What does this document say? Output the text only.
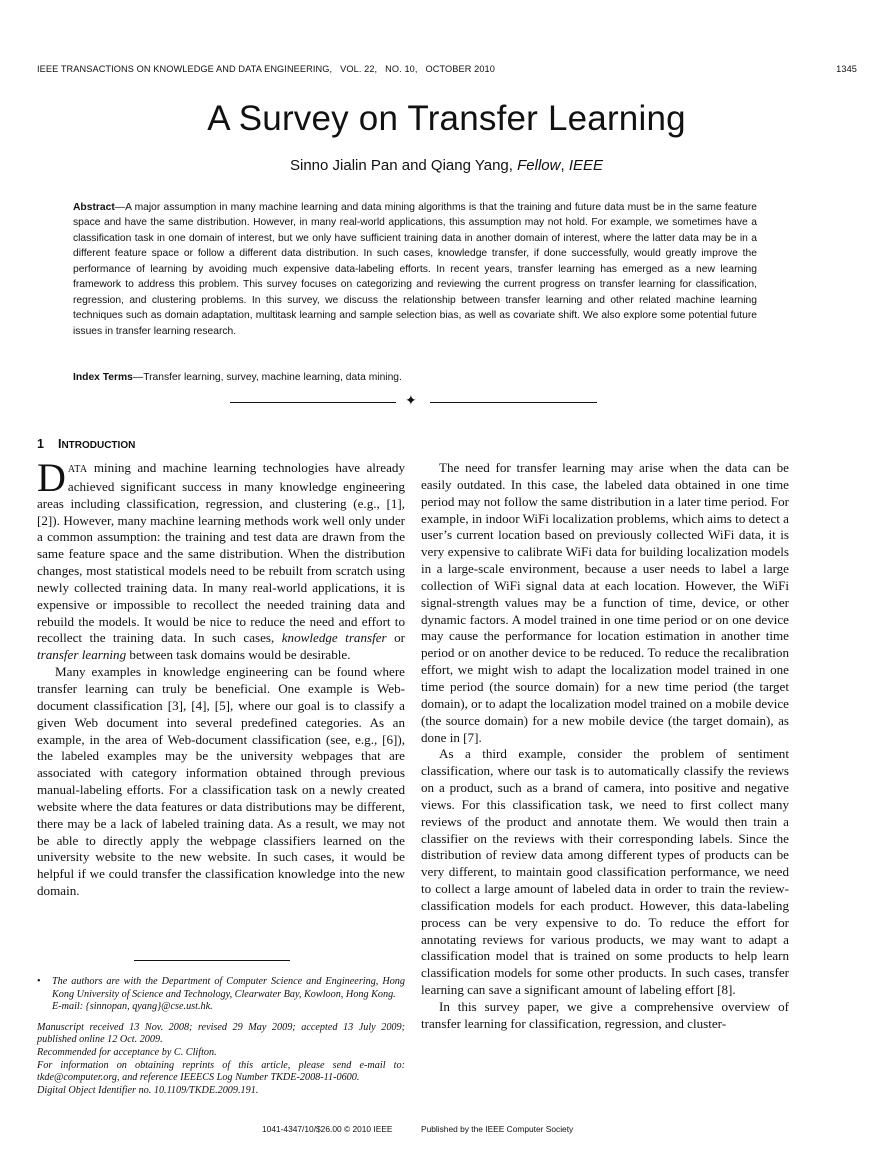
IEEE TRANSACTIONS ON KNOWLEDGE AND DATA ENGINEERING, VOL. 22, NO. 10, OCTOBER 2010	1345
A Survey on Transfer Learning
Sinno Jialin Pan and Qiang Yang, Fellow, IEEE
Abstract—A major assumption in many machine learning and data mining algorithms is that the training and future data must be in the same feature space and have the same distribution. However, in many real-world applications, this assumption may not hold. For example, we sometimes have a classification task in one domain of interest, but we only have sufficient training data in another domain of interest, where the latter data may be in a different feature space or follow a different data distribution. In such cases, knowledge transfer, if done successfully, would greatly improve the performance of learning by avoiding much expensive data-labeling efforts. In recent years, transfer learning has emerged as a new learning framework to address this problem. This survey focuses on categorizing and reviewing the current progress on transfer learning for classification, regression, and clustering problems. In this survey, we discuss the relationship between transfer learning and other related machine learning techniques such as domain adaptation, multitask learning and sample selection bias, as well as covariate shift. We also explore some potential future issues in transfer learning research.
Index Terms—Transfer learning, survey, machine learning, data mining.
✦
1 INTRODUCTION

DATA mining and machine learning technologies have already achieved significant success in many knowledge engineering areas including classification, regression, and clustering (e.g., [1], [2]). However, many machine learning methods work well only under a common assumption: the training and test data are drawn from the same feature space and the same distribution. When the distribution changes, most statistical models need to be rebuilt from scratch using newly collected training data. In many real-world applications, it is expensive or impossible to recollect the needed training data and rebuild the models. It would be nice to reduce the need and effort to recollect the training data. In such cases, knowledge transfer or transfer learning between task domains would be desirable.

Many examples in knowledge engineering can be found where transfer learning can truly be beneficial. One example is Web-document classification [3], [4], [5], where our goal is to classify a given Web document into several predefined categories. As an example, in the area of Web-document classification (see, e.g., [6]), the labeled examples may be the university webpages that are associated with category information obtained through previous manual-labeling efforts. For a classification task on a newly created website where the data features or data distributions may be different, there may be a lack of labeled training data. As a result, we may not be able to directly apply the webpage classifiers learned on the university website to the new website. In such cases, it would be helpful if we could transfer the classification knowledge into the new domain.

The need for transfer learning may arise when the data can be easily outdated. In this case, the labeled data obtained in one time period may not follow the same distribution in a later time period. For example, in indoor WiFi localization problems, which aims to detect a user’s current location based on previously collected WiFi data, it is very expensive to calibrate WiFi data for building localization models in a large-scale environment, because a user needs to label a large collection of WiFi signal data at each location. However, the WiFi signal-strength values may be a function of time, device, or other dynamic factors. A model trained in one time period or on one device may cause the performance for location estimation in another time period or on another device to be reduced. To reduce the recalibration effort, we might wish to adapt the localization model trained in one time period (the source domain) for a new time period (the target domain), or to adapt the localization model trained on a mobile device (the source domain) for a new mobile device (the target domain), as done in [7].

As a third example, consider the problem of sentiment classification, where our task is to automatically classify the reviews on a product, such as a brand of camera, into positive and negative views. For this classification task, we need to first collect many reviews of the product and annotate them. We would then train a classifier on the reviews with their corresponding labels. Since the distribution of review data among different types of products can be very different, to maintain good classification performance, we need to collect a large amount of labeled data in order to train the review-classification models for each product. However, this data-labeling process can be very expensive to do. To reduce the effort for annotating reviews for various products, we may want to adapt a classification model that is trained on some products to help learn classification models for some other products. In such cases, transfer learning can save a significant amount of labeling effort [8].

In this survey paper, we give a comprehensive overview of transfer learning for classification, regression, and cluster-

• The authors are with the Department of Computer Science and Engineering, Hong Kong University of Science and Technology, Clearwater Bay, Kowloon, Hong Kong.

E-mail: {sinnopan, qyang}@cse.ust.hk.

Manuscript received 13 Nov. 2008; revised 29 May 2009; accepted 13 July 2009; published online 12 Oct. 2009.

Recommended for acceptance by C. Clifton.

For information on obtaining reprints of this article, please send e-mail to: tkde@computer.org, and reference IEEECS Log Number TKDE-2008-11-0600.

Digital Object Identifier no. 10.1109/TKDE.2009.191.

1041-4347/10/$26.00 © 2010 IEEE	Published by the IEEE Computer Society
